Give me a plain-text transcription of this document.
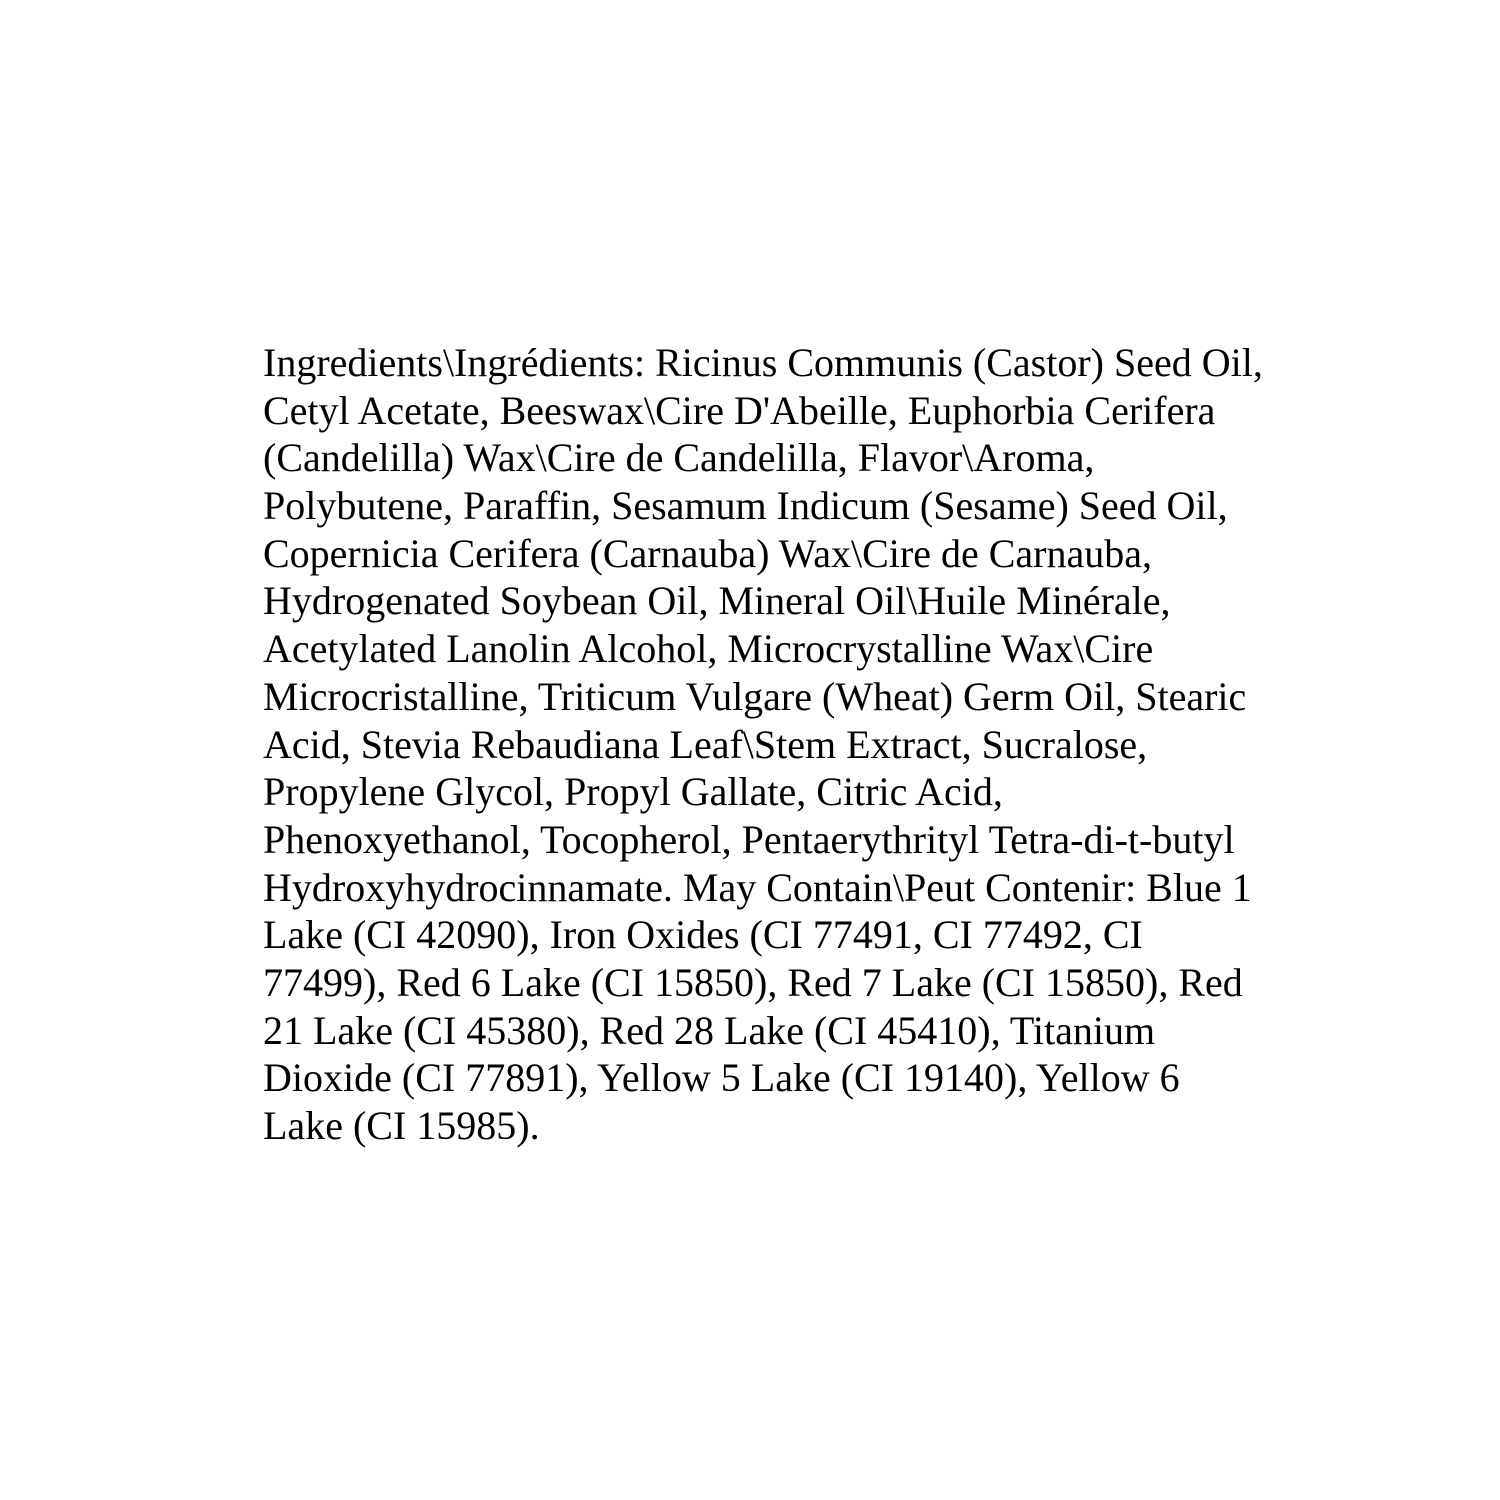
Ingredients\Ingrédients: Ricinus Communis (Castor) Seed Oil,
Cetyl Acetate, Beeswax\Cire D'Abeille, Euphorbia Cerifera
(Candelilla) Wax\Cire de Candelilla, Flavor\Aroma,
Polybutene, Paraffin, Sesamum Indicum (Sesame) Seed Oil,
Copernicia Cerifera (Carnauba) Wax\Cire de Carnauba,
Hydrogenated Soybean Oil, Mineral Oil\Huile Minérale,
Acetylated Lanolin Alcohol, Microcrystalline Wax\Cire
Microcristalline, Triticum Vulgare (Wheat) Germ Oil, Stearic
Acid, Stevia Rebaudiana Leaf\Stem Extract, Sucralose,
Propylene Glycol, Propyl Gallate, Citric Acid,
Phenoxyethanol, Tocopherol, Pentaerythrityl Tetra-di-t-butyl
Hydroxyhydrocinnamate. May Contain\Peut Contenir: Blue 1
Lake (CI 42090), Iron Oxides (CI 77491, CI 77492, CI
77499), Red 6 Lake (CI 15850), Red 7 Lake (CI 15850), Red
21 Lake (CI 45380), Red 28 Lake (CI 45410), Titanium
Dioxide (CI 77891), Yellow 5 Lake (CI 19140), Yellow 6
Lake (CI 15985).
